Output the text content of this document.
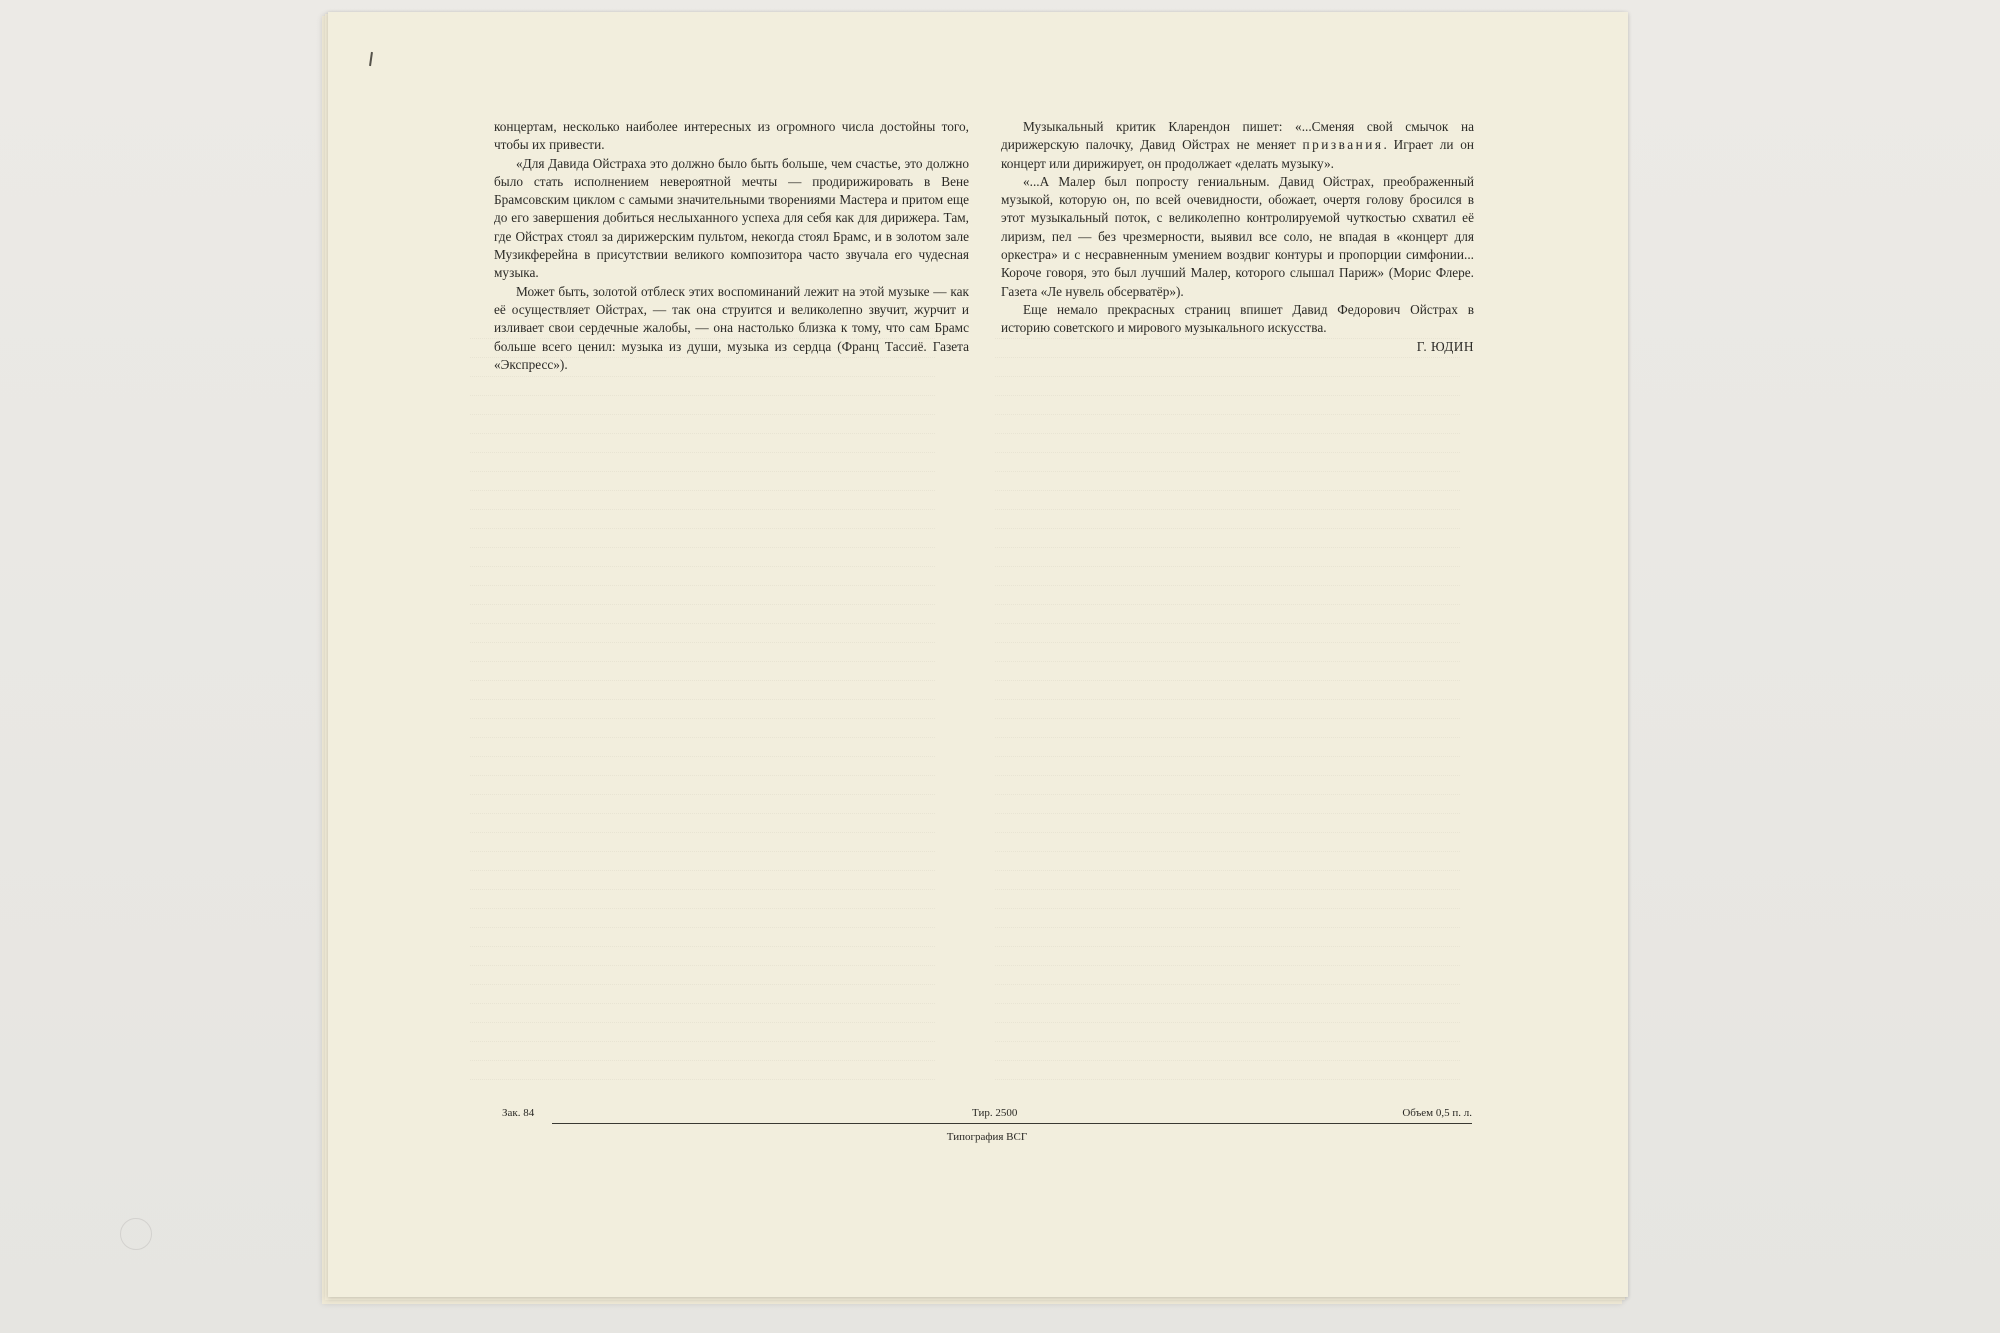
концертам, несколько наиболее интересных из огромного числа достойны того, чтобы их привести.

«Для Давида Ойстраха это должно было быть больше, чем счастье, это должно было стать исполнением невероятной мечты — продирижировать в Вене Брамсовским циклом с самыми значительными творениями Мастера и притом еще до его завершения добиться неслыханного успеха для себя как для дирижера. Там, где Ойстрах стоял за дирижерским пультом, некогда стоял Брамс, и в золотом зале Музикферейна в присутствии великого композитора часто звучала его чудесная музыка.

Может быть, золотой отблеск этих воспоминаний лежит на этой музыке — как её осуществляет Ойстрах, — так она струится и великолепно звучит, журчит и изливает свои сердечные жалобы, — она настолько близка к тому, что сам Брамс больше всего ценил: музыка из души, музыка из сердца (Франц Тассиё. Газета «Экспресс»).

Музыкальный критик Кларендон пишет: «...Сменяя свой смычок на дирижерскую палочку, Давид Ойстрах не меняет призвания. Играет ли он концерт или дирижирует, он продолжает «делать музыку».

«...А Малер был попросту гениальным. Давид Ойстрах, преображенный музыкой, которую он, по всей очевидности, обожает, очертя голову бросился в этот музыкальный поток, с великолепно контролируемой чуткостью схватил её лиризм, пел — без чрезмерности, выявил все соло, не впадая в «концерт для оркестра» и с несравненным умением воздвиг контуры и пропорции симфонии... Короче говоря, это был лучший Малер, которого слышал Париж» (Морис Флере. Газета «Ле нувель обсерватёр»).

Еще немало прекрасных страниц впишет Давид Федорович Ойстрах в историю советского и мирового музыкального искусства.

Г. ЮДИН

Зак. 84	Тир. 2500	Объем 0,5 п. л.
Типография ВСГ
